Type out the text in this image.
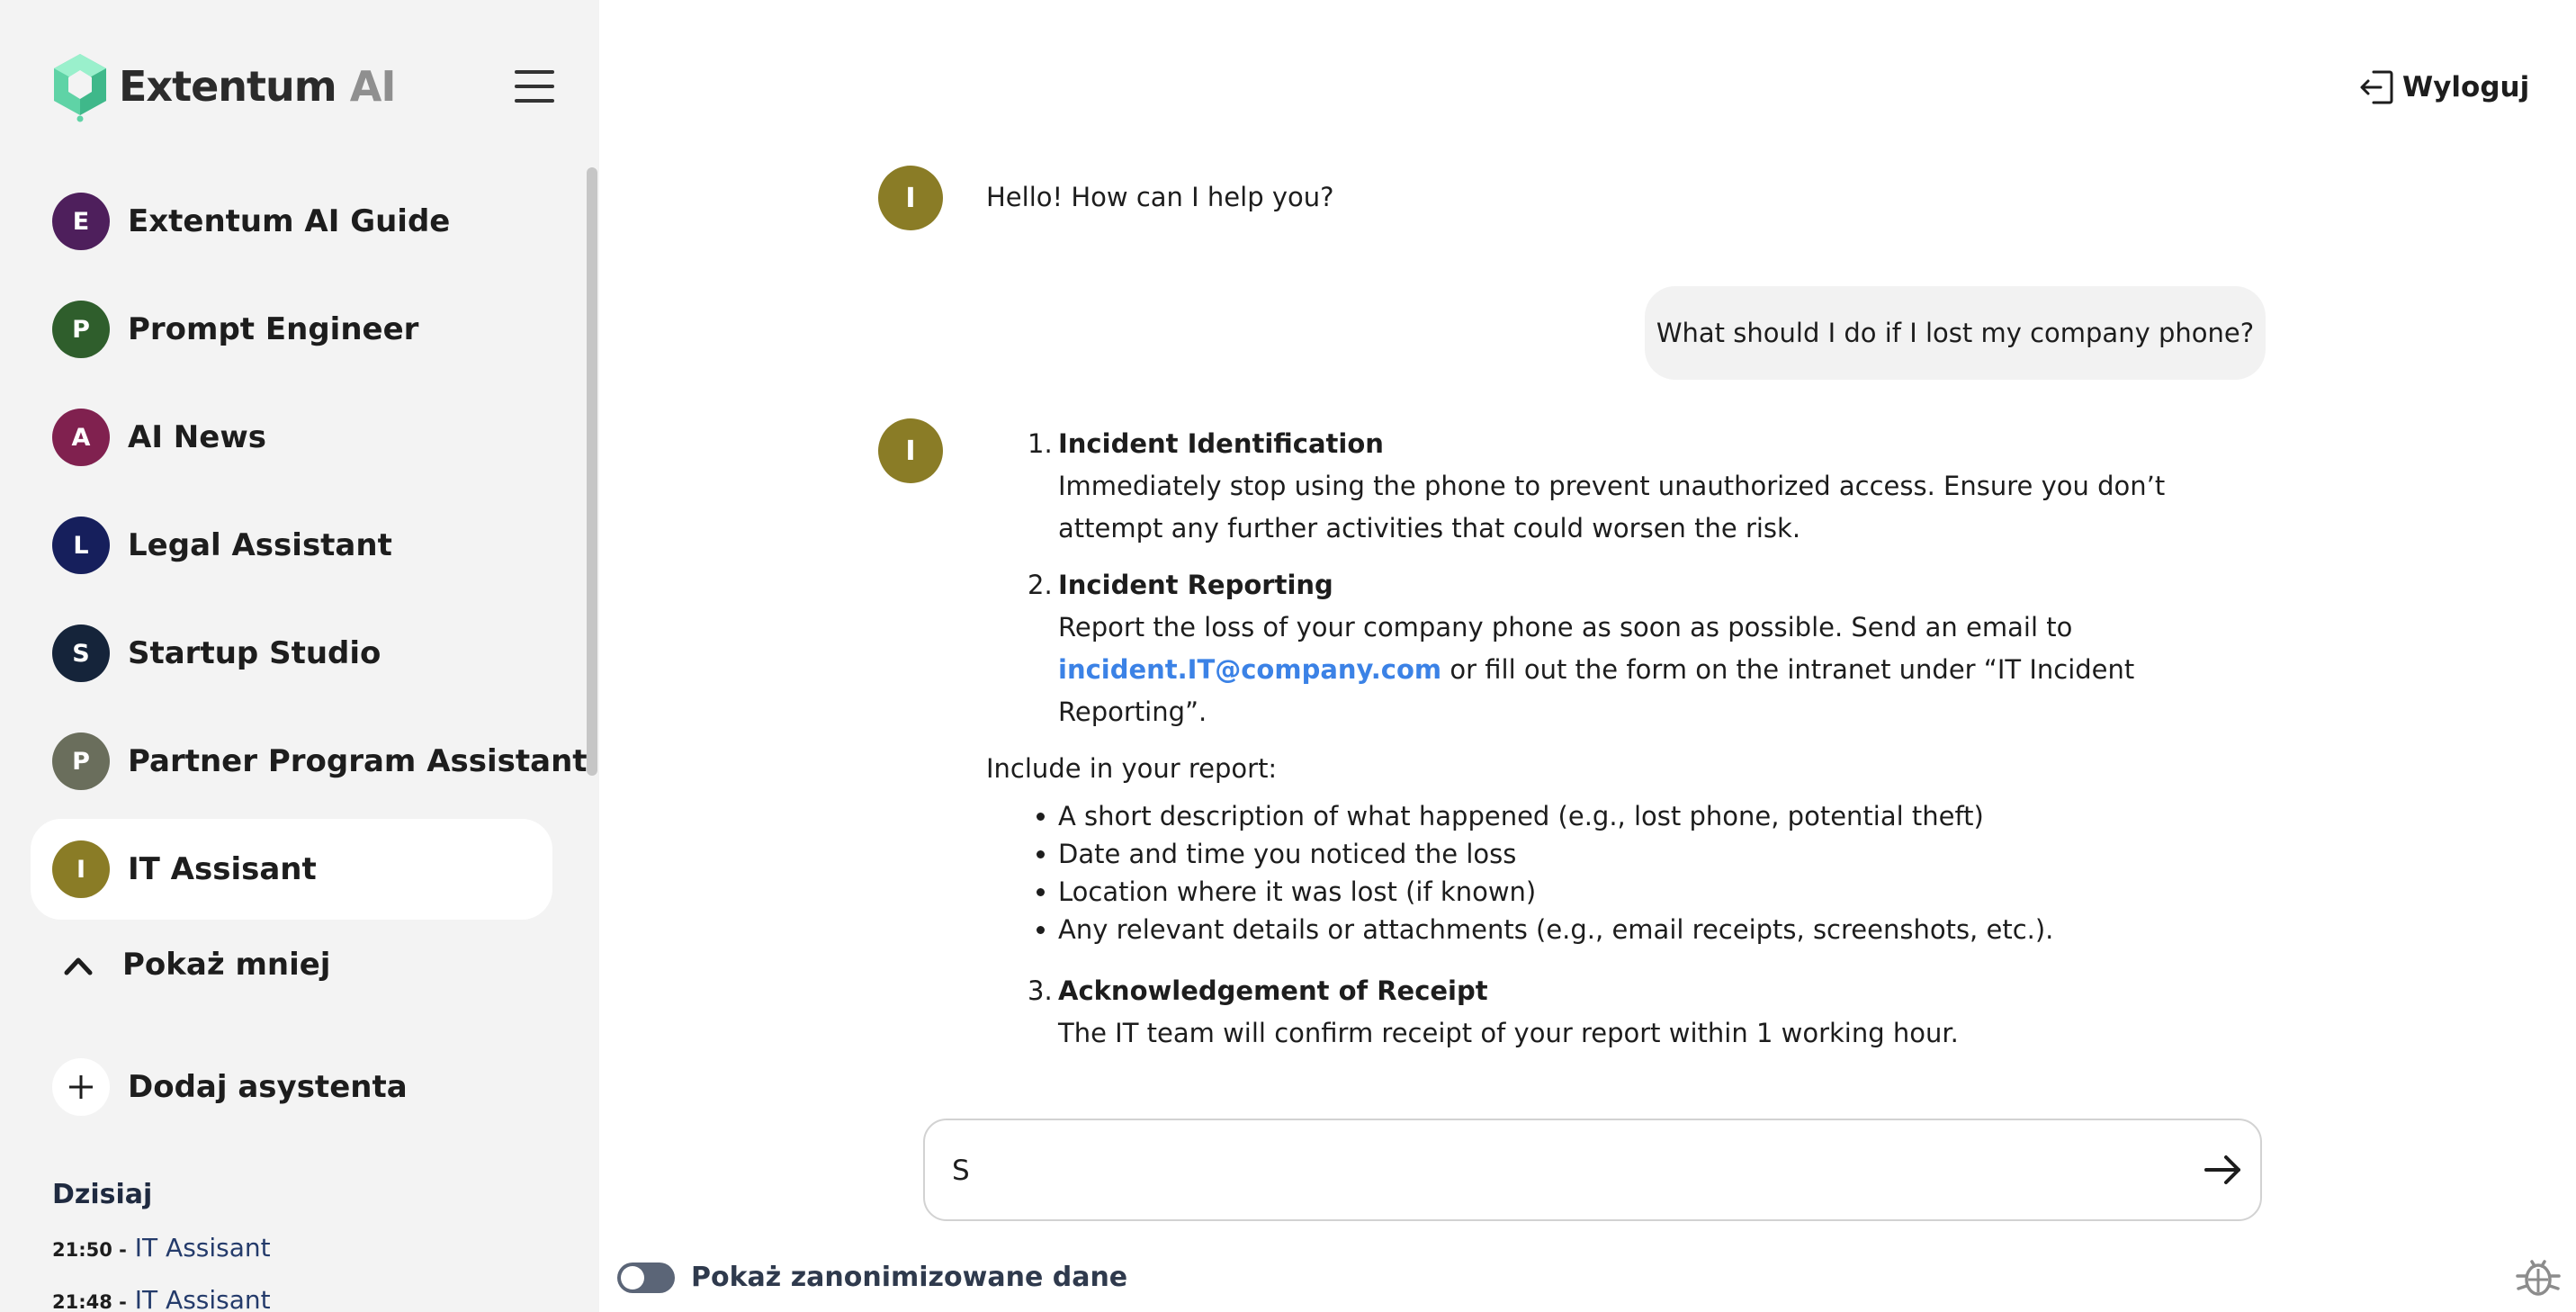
Extentum AI
E	Extentum AI Guide
P	Prompt Engineer
A	AI News
L	Legal Assistant
S	Startup Studio
P	Partner Program Assistant
I	IT Assisant
Pokaż mniej
Dodaj asystenta
Dzisiaj
21:50 - IT Assisant
21:48 - IT Assisant
Wyloguj
I	Hello! How can I help you?
What should I do if I lost my company phone?
I	1. Incident Identification
Immediately stop using the phone to prevent unauthorized access. Ensure you don’t attempt any further activities that could worsen the risk.
2. Incident Reporting
Report the loss of your company phone as soon as possible. Send an email to incident.IT@company.com or fill out the form on the intranet under “IT Incident Reporting”.
Include in your report:
A short description of what happened (e.g., lost phone, potential theft)
Date and time you noticed the loss
Location where it was lost (if known)
Any relevant details or attachments (e.g., email receipts, screenshots, etc.).
3. Acknowledgement of Receipt
The IT team will confirm receipt of your report within 1 working hour.
S
Pokaż zanonimizowane dane
